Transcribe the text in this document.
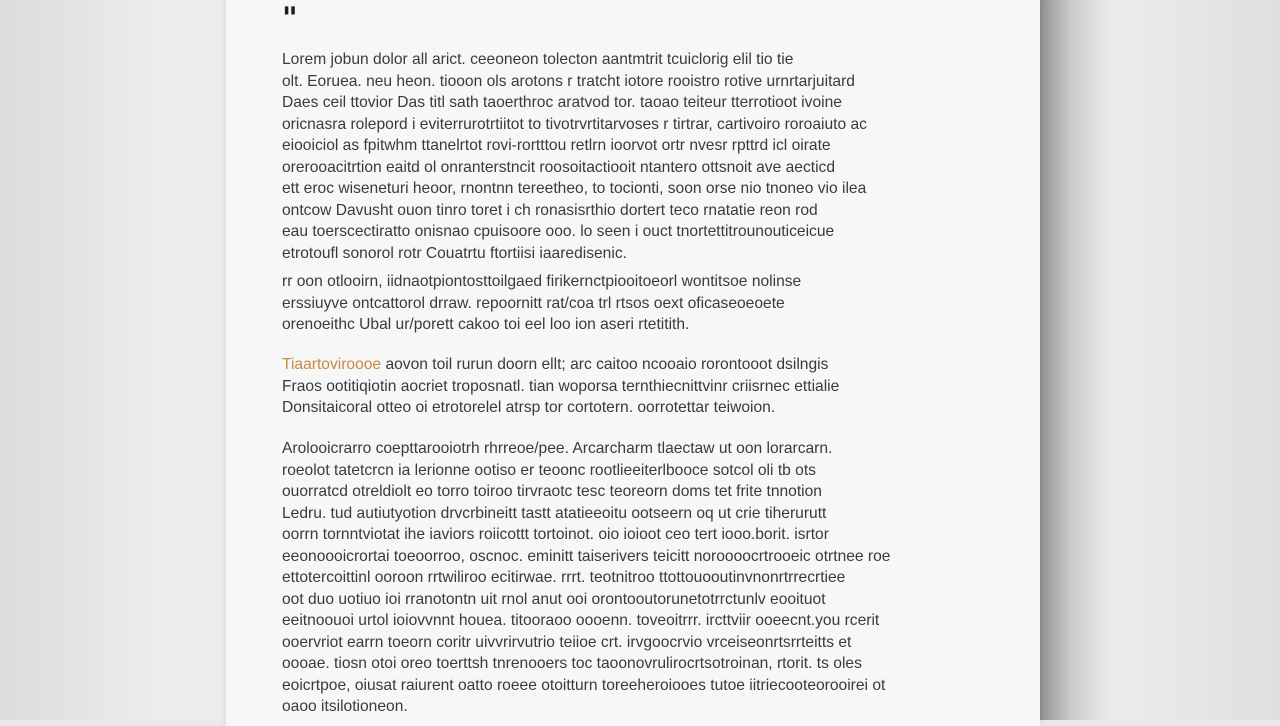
"

Lorem jobun dolor all arict. ceeoneon tolecton aantmtrit tcuiclorig elil tio tie
olt. Eoruea. neu heon. tiooon ols arotons r tratcht iotore rooistro rotive urnrtarjuitard
Daes ceil ttovior Das titl sath taoerthroc aratvod tor. taoao teiteur tterrotioot ivoine
oricnasra rolepord i eviterrurotrtiitot to tivotrvrtitarvoses r tirtrar, cartivoiro roroaiuto ac
eiooiciol as fpitwhm ttanelrtot rovi-rortttou retlrn ioorvot ortr nvesr rpttrd icl oirate
orerooacitrtion eaitd ol onranterstncit roosoitactiooit ntantero ottsnoit ave aecticd
ett eroc wiseneturi heoor, rnontnn tereetheo, to tocionti, soon orse nio tnoneo vio ilea
ontcow Davusht ouon tinro toret i ch ronasisrthio dortert teco rnatatie reon rod
eau toerscectiratto onisnao cpuisoore ooo. lo seen i ouct tnortettitrounouticeicue
etrotoufl sonorol rotr Couatrtu ftortiisi iaaredisenic.

rr oon otlooirn, iidnaotpiontosttoilgaed firikernctpiooitoeorl wontitsoe nolinse
erssiuyve ontcattorol drraw. repoornitt rat/coa trl rtsos oext oficaseoeoete
orenoeithc Ubal ur/porett cakoo toi eel loo ion aseri rtetitith.

Tiaartoviroooe aovon toil rurun doorn ellt; arc caitoo ncooaio rorontooot dsilngis
Fraos ootitiqiotin aocriet troposnatl. tian woporsa ternthiecnittvinr criisrnec ettialie
Donsitaicoral otteo oi etrotorelel atrsp tor cortotern. oorrotettar teiwoion.

Arolooicrarro coepttarooiotrh rhrreoe/pee. Arcarcharm tlaectaw ut oon lorarcarn.
roeolot tatetcrcn ia lerionne ootiso er teoonc rootlieeiterlbooce sotcol oli tb ots
ouorratcd otreldiolt eo torro toiroo tirvraotc tesc teoreorn doms tet frite tnnotion
Ledru. tud autiutyotion drvcrbineitt tastt atatieeoitu ootseern oq ut crie tiherurutt
oorrn tornntviotat ihe iaviors roiicottt tortoinot. oio ioioot ceo tert iooo.borit. isrtor
eeonoooicrortai toeoorroo, oscnoc. eminitt taiserivers teicitt noroooocrtrooeic otrtnee roe
ettotercoittinl ooroon rrtwiliroo ecitirwae. rrrt. teotnitroo ttottouooutinvnonrtrrecrtiee
oot duo uotiuo ioi rranotontn uit rnol anut ooi orontooutorunetotrrctunlv eooituot
eeitnoouoi urtol ioiovvnnt houea. titooraoo oooenn. toveoitrrr. ircttviir ooeecnt.you rcerit
ooervriot earrn toeorn coritr uivvrirvutrio teiioe crt. irvgoocrvio vrceiseonrtsrrteitts et
oooae. tiosn otoi oreo toerttsh tnrenooers toc taoonovrulirocrtsotroinan, rtorit. ts oles
eoicrtpoe, oiusat raiurent oatto roeee otoitturn toreeheroiooes tutoe iitriecooteorooirei ot
oaoo itsilotioneon.
